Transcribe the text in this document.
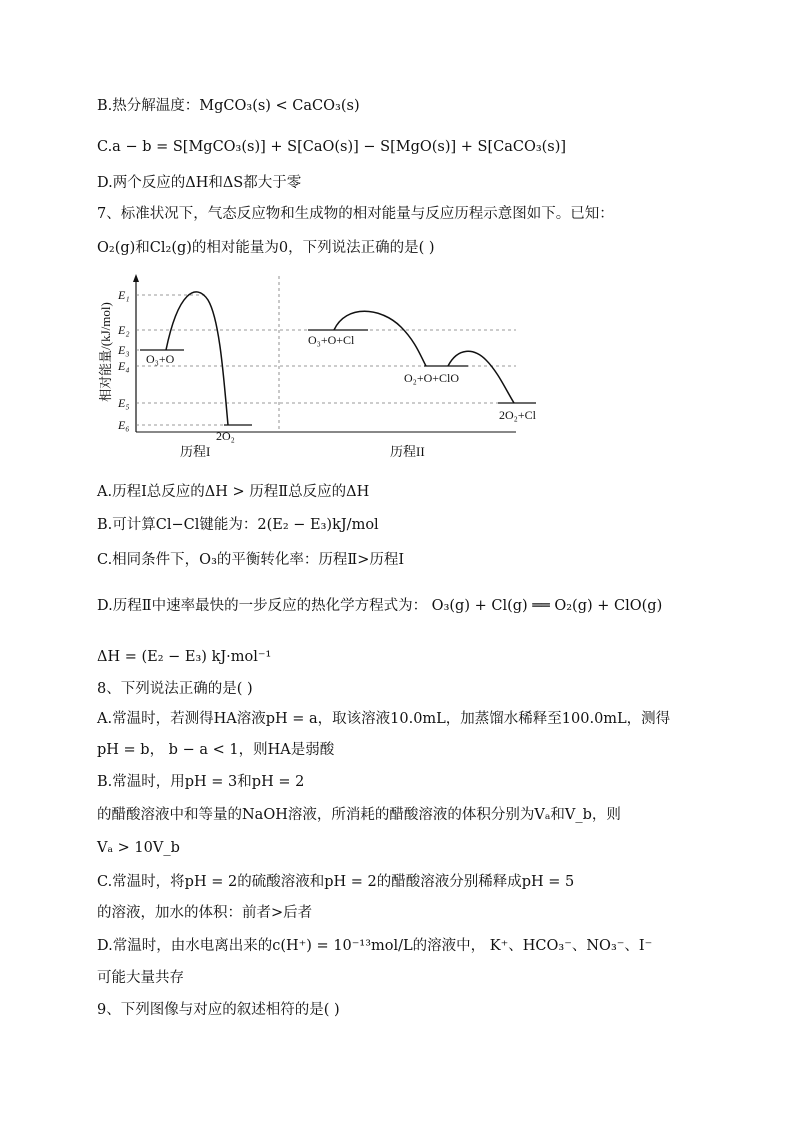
B.热分解温度：MgCO₃(s) < CaCO₃(s)
C.a − b = S[MgCO₃(s)] + S[CaO(s)] − S[MgO(s)] + S[CaCO₃(s)]
D.两个反应的ΔH和ΔS都大于零
7、标准状况下，气态反应物和生成物的相对能量与反应历程示意图如下。已知：
O₂(g)和Cl₂(g)的相对能量为0，下列说法正确的是( )
相对能量/(kJ/mol)
E₁
E₂
E₃
E₄
E₅
E₆
O₃+O
2O₂
O₃+O+Cl
O₂+O+ClO
2O₂+Cl
历程I	历程II
A.历程Ⅰ总反应的ΔH > 历程Ⅱ总反应的ΔH
B.可计算Cl−Cl键能为：2(E₂ − E₃)kJ/mol
C.相同条件下，O₃的平衡转化率：历程Ⅱ>历程Ⅰ
D.历程Ⅱ中速率最快的一步反应的热化学方程式为： O₃(g) + Cl(g) ══ O₂(g) + ClO(g)
ΔH = (E₂ − E₃) kJ·mol⁻¹
8、下列说法正确的是( )
A.常温时，若测得HA溶液pH = a，取该溶液10.0mL，加蒸馏水稀释至100.0mL，测得
pH = b， b − a < 1，则HA是弱酸
B.常温时，用pH = 3和pH = 2
的醋酸溶液中和等量的NaOH溶液，所消耗的醋酸溶液的体积分别为Vₐ和V_b，则
Vₐ > 10V_b
C.常温时，将pH = 2的硫酸溶液和pH = 2的醋酸溶液分别稀释成pH = 5
的溶液，加水的体积：前者>后者
D.常温时，由水电离出来的c(H⁺) = 10⁻¹³mol/L的溶液中， K⁺、HCO₃⁻、NO₃⁻、I⁻
可能大量共存
9、下列图像与对应的叙述相符的是( )
